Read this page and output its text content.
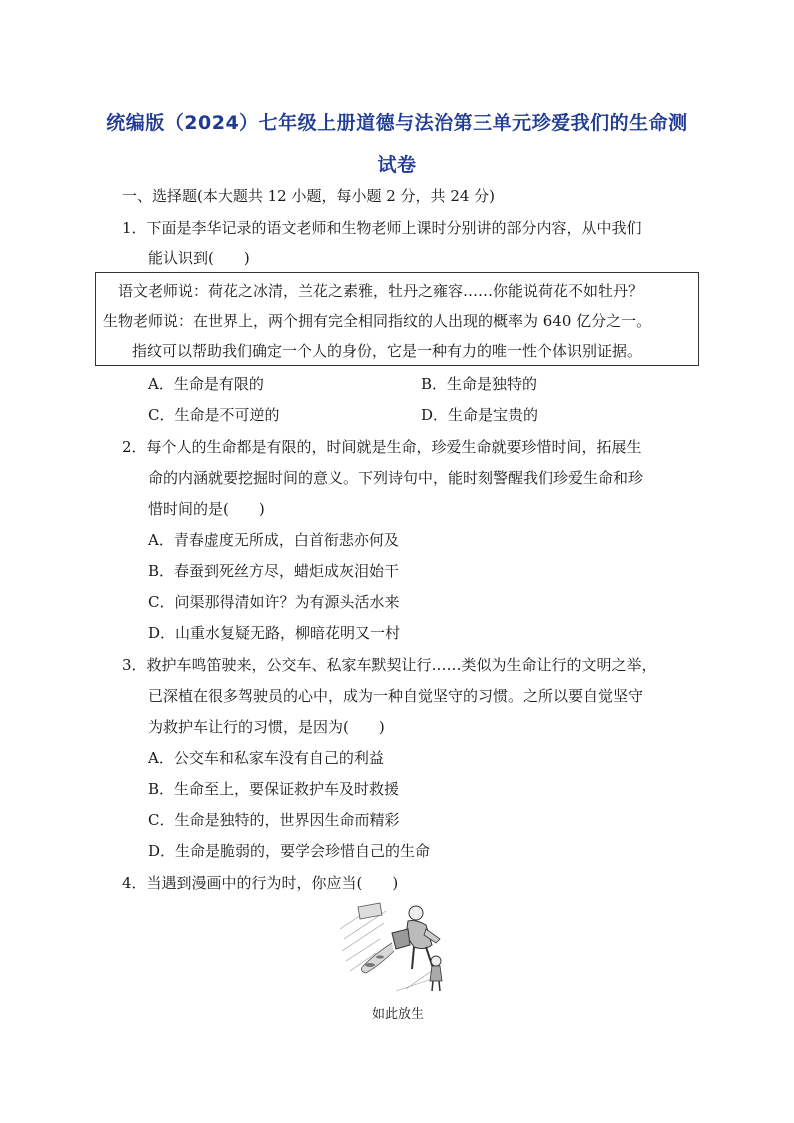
统编版（2024）七年级上册道德与法治第三单元珍爱我们的生命测
试卷
一、选择题(本大题共 12 小题，每小题 2 分，共 24 分)
1．下面是李华记录的语文老师和生物老师上课时分别讲的部分内容，从中我们
能认识到(　　)
语文老师说：荷花之冰清，兰花之素雅，牡丹之雍容……你能说荷花不如牡丹？
生物老师说：在世界上，两个拥有完全相同指纹的人出现的概率为 640 亿分之一。
指纹可以帮助我们确定一个人的身份，它是一种有力的唯一性个体识别证据。
A．生命是有限的	B．生命是独特的
C．生命是不可逆的	D．生命是宝贵的
2．每个人的生命都是有限的，时间就是生命，珍爱生命就要珍惜时间，拓展生
命的内涵就要挖掘时间的意义。下列诗句中，能时刻警醒我们珍爱生命和珍
惜时间的是(　　)
A．青春虚度无所成，白首衔悲亦何及
B．春蚕到死丝方尽，蜡炬成灰泪始干
C．问渠那得清如许？为有源头活水来
D．山重水复疑无路，柳暗花明又一村
3．救护车鸣笛驶来，公交车、私家车默契让行……类似为生命让行的文明之举，
已深植在很多驾驶员的心中，成为一种自觉坚守的习惯。之所以要自觉坚守
为救护车让行的习惯，是因为(　　)
A．公交车和私家车没有自己的利益
B．生命至上，要保证救护车及时救援
C．生命是独特的，世界因生命而精彩
D．生命是脆弱的，要学会珍惜自己的生命
4．当遇到漫画中的行为时，你应当(　　)
如此放生
